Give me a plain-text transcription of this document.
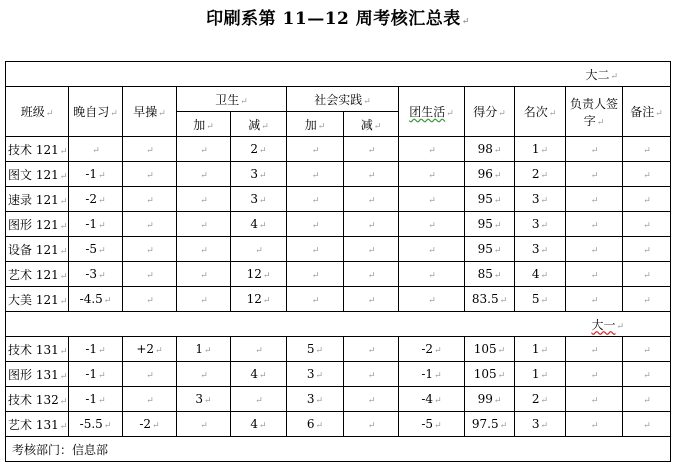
印刷系第 11—12 周考核汇总表↵
大二↵											
班级↵	晚自习↵	早操↵	卫生↵		社会实践↵		团生活↵	得分↵	名次↵	负责人签字↵	备注↵
			加↵	减↵	加↵	减↵					
技术 121↵	↵	↵	↵	2↵	↵	↵	↵	98↵	1↵	↵	↵
图文 121↵	-1↵	↵	↵	3↵	↵	↵	↵	96↵	2↵	↵	↵
速录 121↵	-2↵	↵	↵	3↵	↵	↵	↵	95↵	3↵	↵	↵
图形 121↵	-1↵	↵	↵	4↵	↵	↵	↵	95↵	3↵	↵	↵
设备 121↵	-5↵	↵	↵	↵	↵	↵	↵	95↵	3↵	↵	↵
艺术 121↵	-3↵	↵	↵	12↵	↵	↵	↵	85↵	4↵	↵	↵
大美 121↵	-4.5↵	↵	↵	12↵	↵	↵	↵	83.5↵	5↵	↵	↵
大一↵											
技术 131↵	-1↵	+2↵	1↵	↵	5↵	↵	-2↵	105↵	1↵	↵	↵
图形 131↵	-1↵	↵	↵	4↵	3↵	↵	-1↵	105↵	1↵	↵	↵
技术 132↵	-1↵	↵	3↵	↵	3↵	↵	-4↵	99↵	2↵	↵	↵
艺术 131↵	-5.5↵	-2↵	↵	4↵	6↵	↵	-5↵	97.5↵	3↵	↵	↵
考核部门：信息部											
